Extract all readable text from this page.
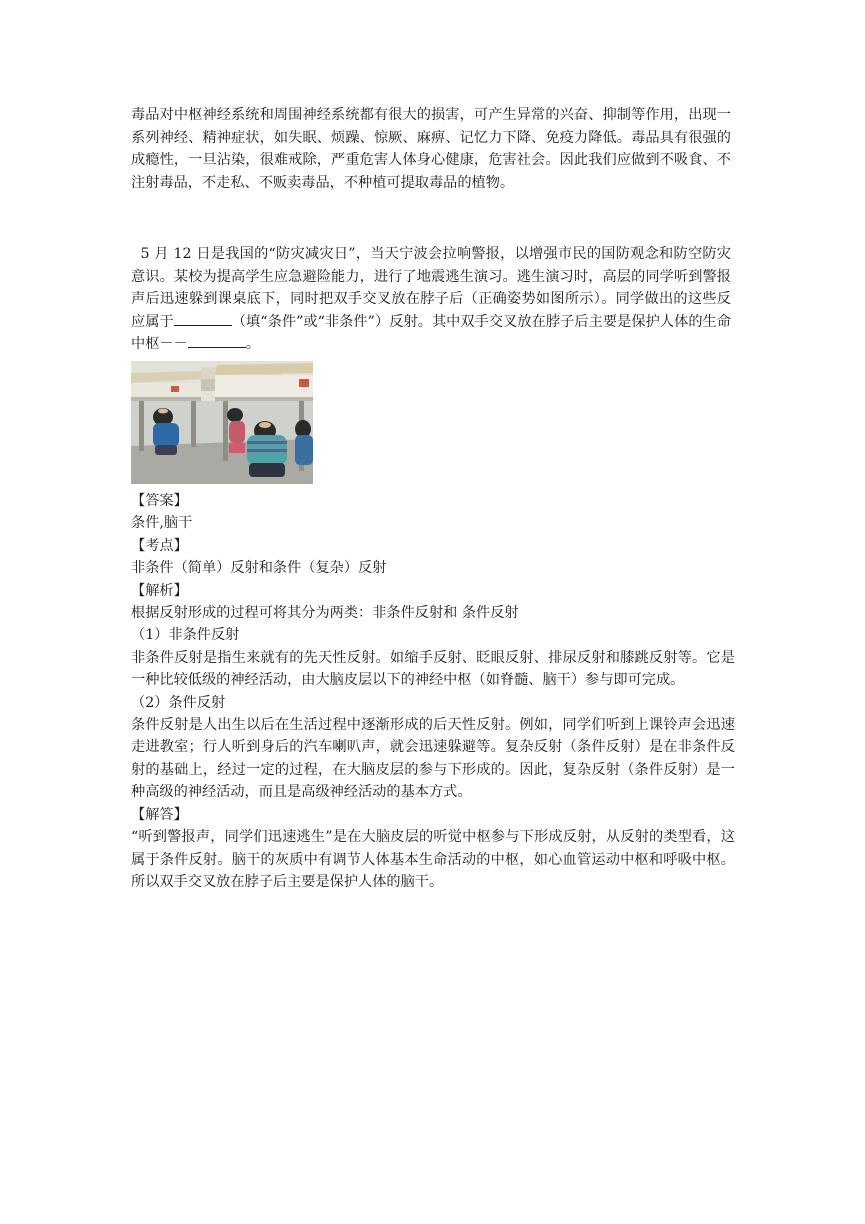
毒品对中枢神经系统和周围神经系统都有很大的损害，可产生异常的兴奋、抑制等作用，出现一系列神经、精神症状，如失眠、烦躁、惊厥、麻痹、记忆力下降、免疫力降低。毒品具有很强的成瘾性，一旦沾染，很难戒除，严重危害人体身心健康，危害社会。因此我们应做到不吸食、不注射毒品，不走私、不贩卖毒品，不种植可提取毒品的植物。

5 月 12 日是我国的“防灾减灾日”，当天宁波会拉响警报，以增强市民的国防观念和防空防灾意识。某校为提高学生应急避险能力，进行了地震逃生演习。逃生演习时，高层的同学听到警报声后迅速躲到课桌底下，同时把双手交叉放在脖子后（正确姿势如图所示）。同学做出的这些反应属于	（填“条件”或“非条件”）反射。其中双手交叉放在脖子后主要是保护人体的生命中枢－－	。

【答案】

条件,脑干

【考点】

非条件（简单）反射和条件（复杂）反射

【解析】

根据反射形成的过程可将其分为两类：非条件反射和 条件反射

（1）非条件反射

非条件反射是指生来就有的先天性反射。如缩手反射、眨眼反射、排尿反射和膝跳反射等。它是一种比较低级的神经活动，由大脑皮层以下的神经中枢（如脊髓、脑干）参与即可完成。

（2）条件反射

条件反射是人出生以后在生活过程中逐渐形成的后天性反射。例如，同学们听到上课铃声会迅速走进教室；行人听到身后的汽车喇叭声，就会迅速躲避等。复杂反射（条件反射）是在非条件反射的基础上，经过一定的过程，在大脑皮层的参与下形成的。因此，复杂反射（条件反射）是一种高级的神经活动，而且是高级神经活动的基本方式。

【解答】

“听到警报声，同学们迅速逃生”是在大脑皮层的听觉中枢参与下形成反射，从反射的类型看，这属于条件反射。脑干的灰质中有调节人体基本生命活动的中枢，如心血管运动中枢和呼吸中枢。所以双手交叉放在脖子后主要是保护人体的脑干。
